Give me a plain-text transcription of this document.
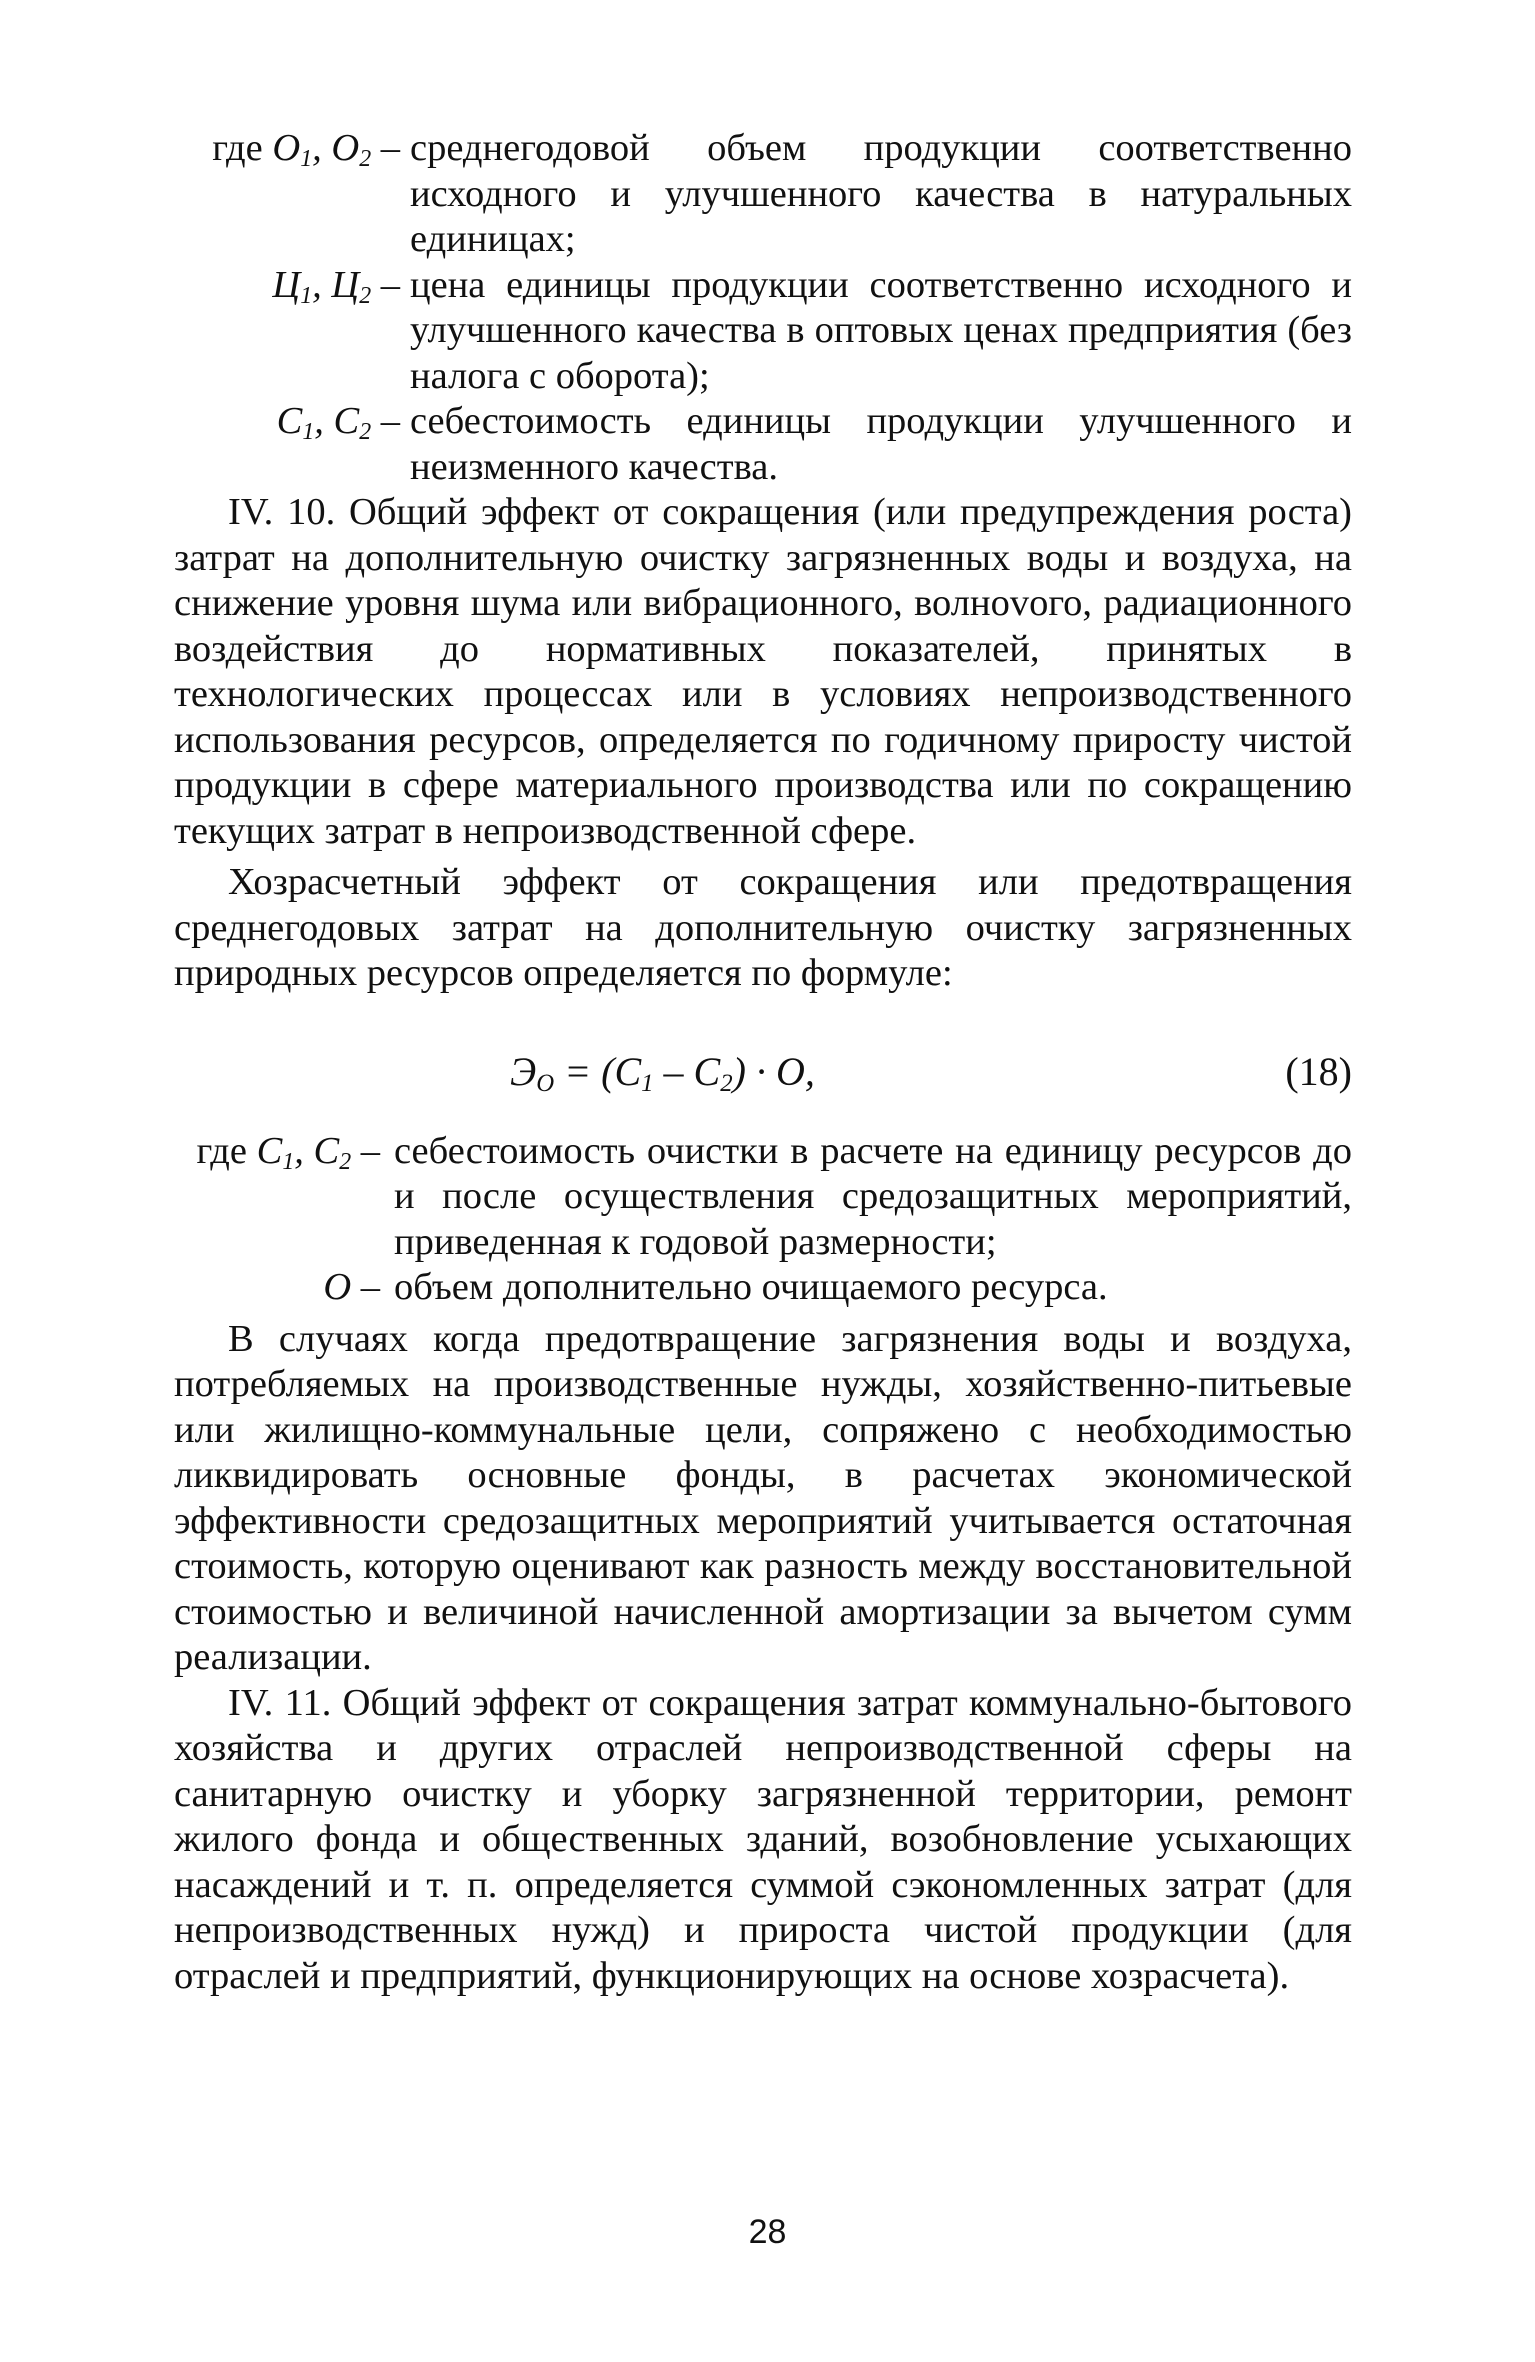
где $О_1$, $О_2$ – среднегодовой объем продукции соответственно исходного и улучшенного качества в натуральных единицах;
$Ц_1$, $Ц_2$ – цена единицы продукции соответственно исходного и улучшенного качества в оптовых ценах предприятия (без налога с оборота);
$С_1$, $С_2$ – себестоимость единицы продукции улучшенного и неизменного качества.

IV. 10. Общий эффект от сокращения (или предупреждения роста) затрат на дополнительную очистку загрязненных воды и воздуха, на снижение уровня шума или вибрационного, волноvого, радиационного воздействия до нормативных показателей, принятых в технологических процессах или в условиях непроизводственного использования ресурсов, определяется по годичному приросту чистой продукции в сфере материального производства или по сокращению текущих затрат в непроизводственной сфере.

Хозрасчетный эффект от сокращения или предотвращения среднегодовых затрат на дополнительную очистку загрязненных природных ресурсов определяется по формуле:

$Э_О = (С_1 - С_2) \cdot О$,	(18)
где $С_1$, $С_2$ – себестоимость очистки в расчете на единицу ресурсов до и после осуществления средозащитных мероприятий, приведенная к годовой размерности;
О – объем дополнительно очищаемого ресурса.

В случаях когда предотвращение загрязнения воды и воздуха, потребляемых на производственные нужды, хозяйственно-питьевые или жилищно-коммунальные цели, сопряжено с необходимостью ликвидировать основные фонды, в расчетах экономической эффективности средозащитных мероприятий учитывается остаточная стоимость, которую оценивают как разность между восстановительной стоимостью и величиной начисленной амортизации за вычетом сумм реализации.

IV. 11. Общий эффект от сокращения затрат коммунально-бытового хозяйства и других отраслей непроизводственной сферы на санитарную очистку и уборку загрязненной территории, ремонт жилого фонда и общественных зданий, возобновление усыхающих насаждений и т. п. определяется суммой сэкономленных затрат (для непроизводственных нужд) и прироста чистой продукции (для отраслей и предприятий, функционирующих на основе хозрасчета).

28
